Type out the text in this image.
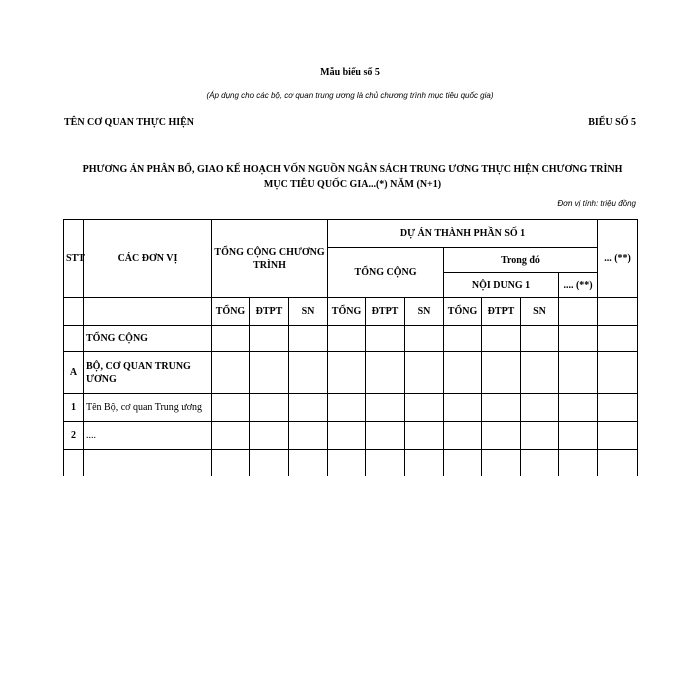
Mẫu biểu số 5
(Áp dụng cho các bộ, cơ quan trung ương là chủ chương trình mục tiêu quốc gia)
TÊN CƠ QUAN THỰC HIỆN	BIỂU SỐ 5
PHƯƠNG ÁN PHÂN BỔ, GIAO KẾ HOẠCH VỐN NGUỒN NGÂN SÁCH TRUNG ƯƠNG THỰC HIỆN CHƯƠNG TRÌNH MỤC TIÊU QUỐC GIA...(*) NĂM (N+1)
Đơn vị tính: triệu đồng
STT	CÁC ĐƠN VỊ	TỔNG CỘNG CHƯƠNG TRÌNH			DỰ ÁN THÀNH PHẦN SỐ 1							... (**)
					TỔNG CỘNG			Trong đó				
								NỘI DUNG 1			.... (**)	
		TỔNG	ĐTPT	SN	TỔNG	ĐTPT	SN	TỔNG	ĐTPT	SN		
	TỔNG CỘNG											
A	BỘ, CƠ QUAN TRUNG ƯƠNG											
1	Tên Bộ, cơ quan Trung ương											
2	....											
